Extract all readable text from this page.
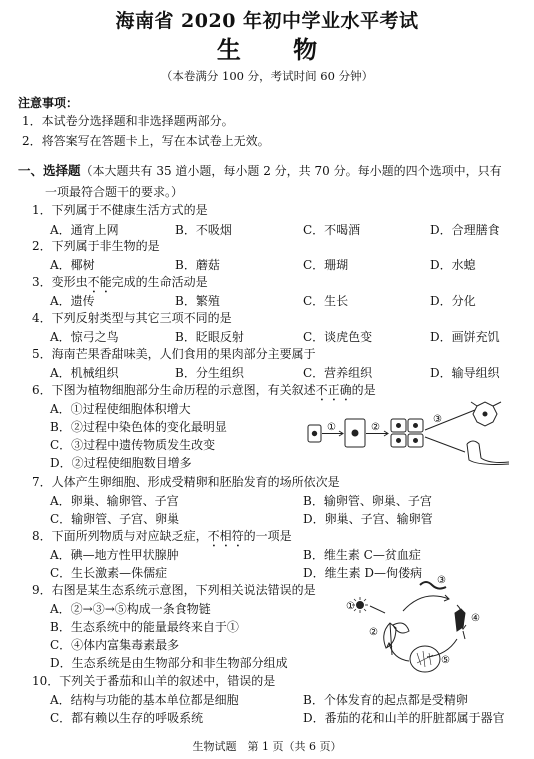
海南省 2020 年初中学业水平考试
生 物
（本卷满分 100 分，考试时间 60 分钟）
注意事项：
1．本试卷分选择题和非选择题两部分。
2．将答案写在答题卡上，写在本试卷上无效。
一、选择题（本大题共有 35 道小题，每小题 2 分，共 70 分。每小题的四个选项中，只有
一项最符合题干的要求。）
1．下列属于不健康生活方式的是
A．通宵上网	B．不吸烟	C．不喝酒	D．合理膳食
2．下列属于非生物的是
A．椰树	B．蘑菇	C．珊瑚	D．水螅
3．变形虫不能完成的生命活动是
A．遗传	B．繁殖	C．生长	D．分化
4．下列反射类型与其它三项不同的是
A．惊弓之鸟	B．眨眼反射	C．谈虎色变	D．画饼充饥
5．海南芒果香甜味美，人们食用的果肉部分主要属于
A．机械组织	B．分生组织	C．营养组织	D．输导组织
6．下图为植物细胞部分生命历程的示意图，有关叙述不正确的是
A．①过程使细胞体积增大
B．②过程中染色体的变化最明显
C．③过程中遗传物质发生改变
D．②过程使细胞数目增多
①	②
③
7．人体产生卵细胞、形成受精卵和胚胎发育的场所依次是
A．卵巢、输卵管、子宫	B．输卵管、卵巢、子宫
C．输卵管、子宫、卵巢	D．卵巢、子宫、输卵管
8．下面所列物质与对应缺乏症，不相符的一项是
A．碘—地方性甲状腺肿	B．维生素 C—贫血症
C．生长激素—侏儒症	D．维生素 D—佝偻病
9．右图是某生态系统示意图，下列相关说法错误的是
A．②→③→⑤构成一条食物链
B．生态系统中的能量最终来自于①
C．④体内富集毒素最多
D．生态系统是由生物部分和非生物部分组成
①
②
③
④
⑤
10．下列关于番茄和山羊的叙述中，错误的是
A．结构与功能的基本单位都是细胞	B．个体发育的起点都是受精卵
C．都有赖以生存的呼吸系统	D．番茄的花和山羊的肝脏都属于器官
生物试题　第 1 页（共 6 页）
